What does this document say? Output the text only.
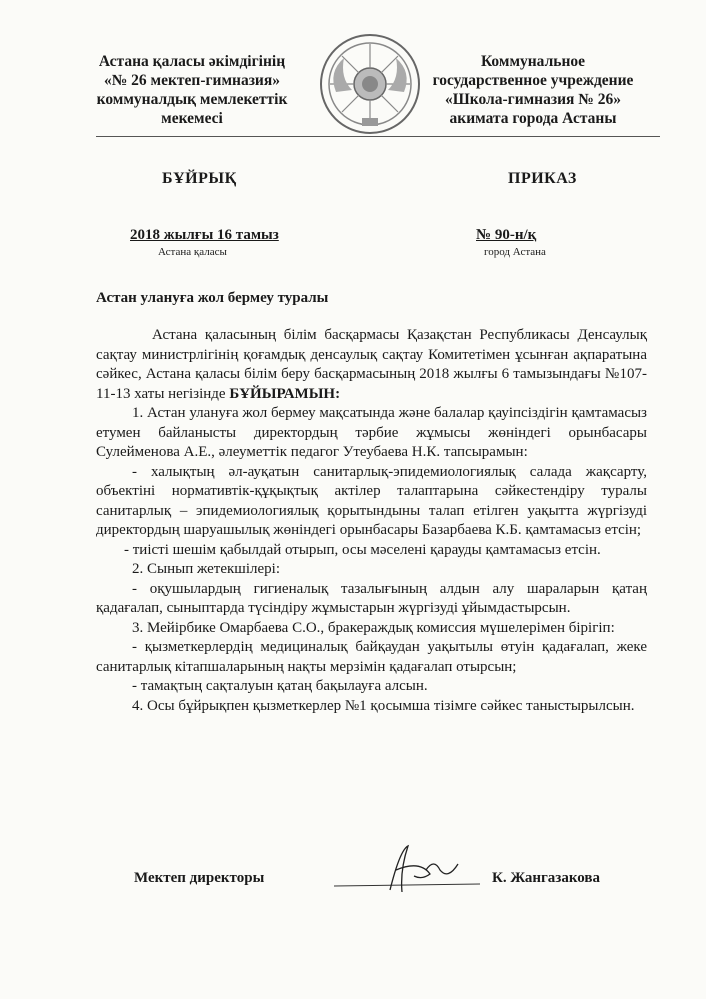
Астана қаласы әкімдігінің
«№ 26 мектеп-гимназия»
коммуналдық мемлекеттік
мекемесі
Коммунальное
государственное учреждение
«Школа-гимназия № 26»
акимата города Астаны
БҰЙРЫҚ	ПРИКАЗ
2018 жылғы 16 тамыз
Астана қаласы
№ 90-н/қ
город Астана
Астан улануға жол бермеу туралы

Астана қаласының білім басқармасы Қазақстан Республикасы Денсаулық сақтау министрлігінің қоғамдық денсаулық сақтау Комитетімен ұсынған ақпаратына сәйкес, Астана қаласы білім беру басқармасының 2018 жылғы 6 тамызындағы №107-11-13 хаты негізінде БҰЙЫРАМЫН:

1. Астан улануға жол бермеу мақсатында және балалар қауіпсіздігін қамтамасыз етумен байланысты директордың тәрбие жұмысы жөніндегі орынбасары Сулейменова А.Е., әлеуметтік педагог Утеубаева Н.К. тапсырамын:

- халықтың әл-ауқатын санитарлық-эпидемиологиялық салада жақсарту, объектіні нормативтік-құқықтық актілер талаптарына сәйкестендіру туралы санитарлық – эпидемиологиялық қорытындыны талап етілген уақытта жүргізуді директордың шаруашылық жөніндегі орынбасары Базарбаева К.Б. қамтамасыз етсін;

- тиісті шешім қабылдай отырып, осы мәселені қарауды қамтамасыз етсін.

2. Сынып жетекшілері:

- оқушылардың гигиеналық тазалығының алдын алу шараларын қатаң қадағалап, сыныптарда түсіндіру жұмыстарын жүргізуді ұйымдастырсын.

3. Мейірбике Омарбаева С.О., бракераждық комиссия мүшелерімен бірігіп:

- қызметкерлердің медициналық байқаудан уақытылы өтуін қадағалап, жеке санитарлық кітапшаларының нақты мерзімін қадағалап отырсын;

- тамақтың сақталуын қатаң бақылауға алсын.

4. Осы бұйрықпен қызметкерлер №1 қосымша тізімге сәйкес таныстырылсын.

Мектеп директоры	К. Жангазакова
